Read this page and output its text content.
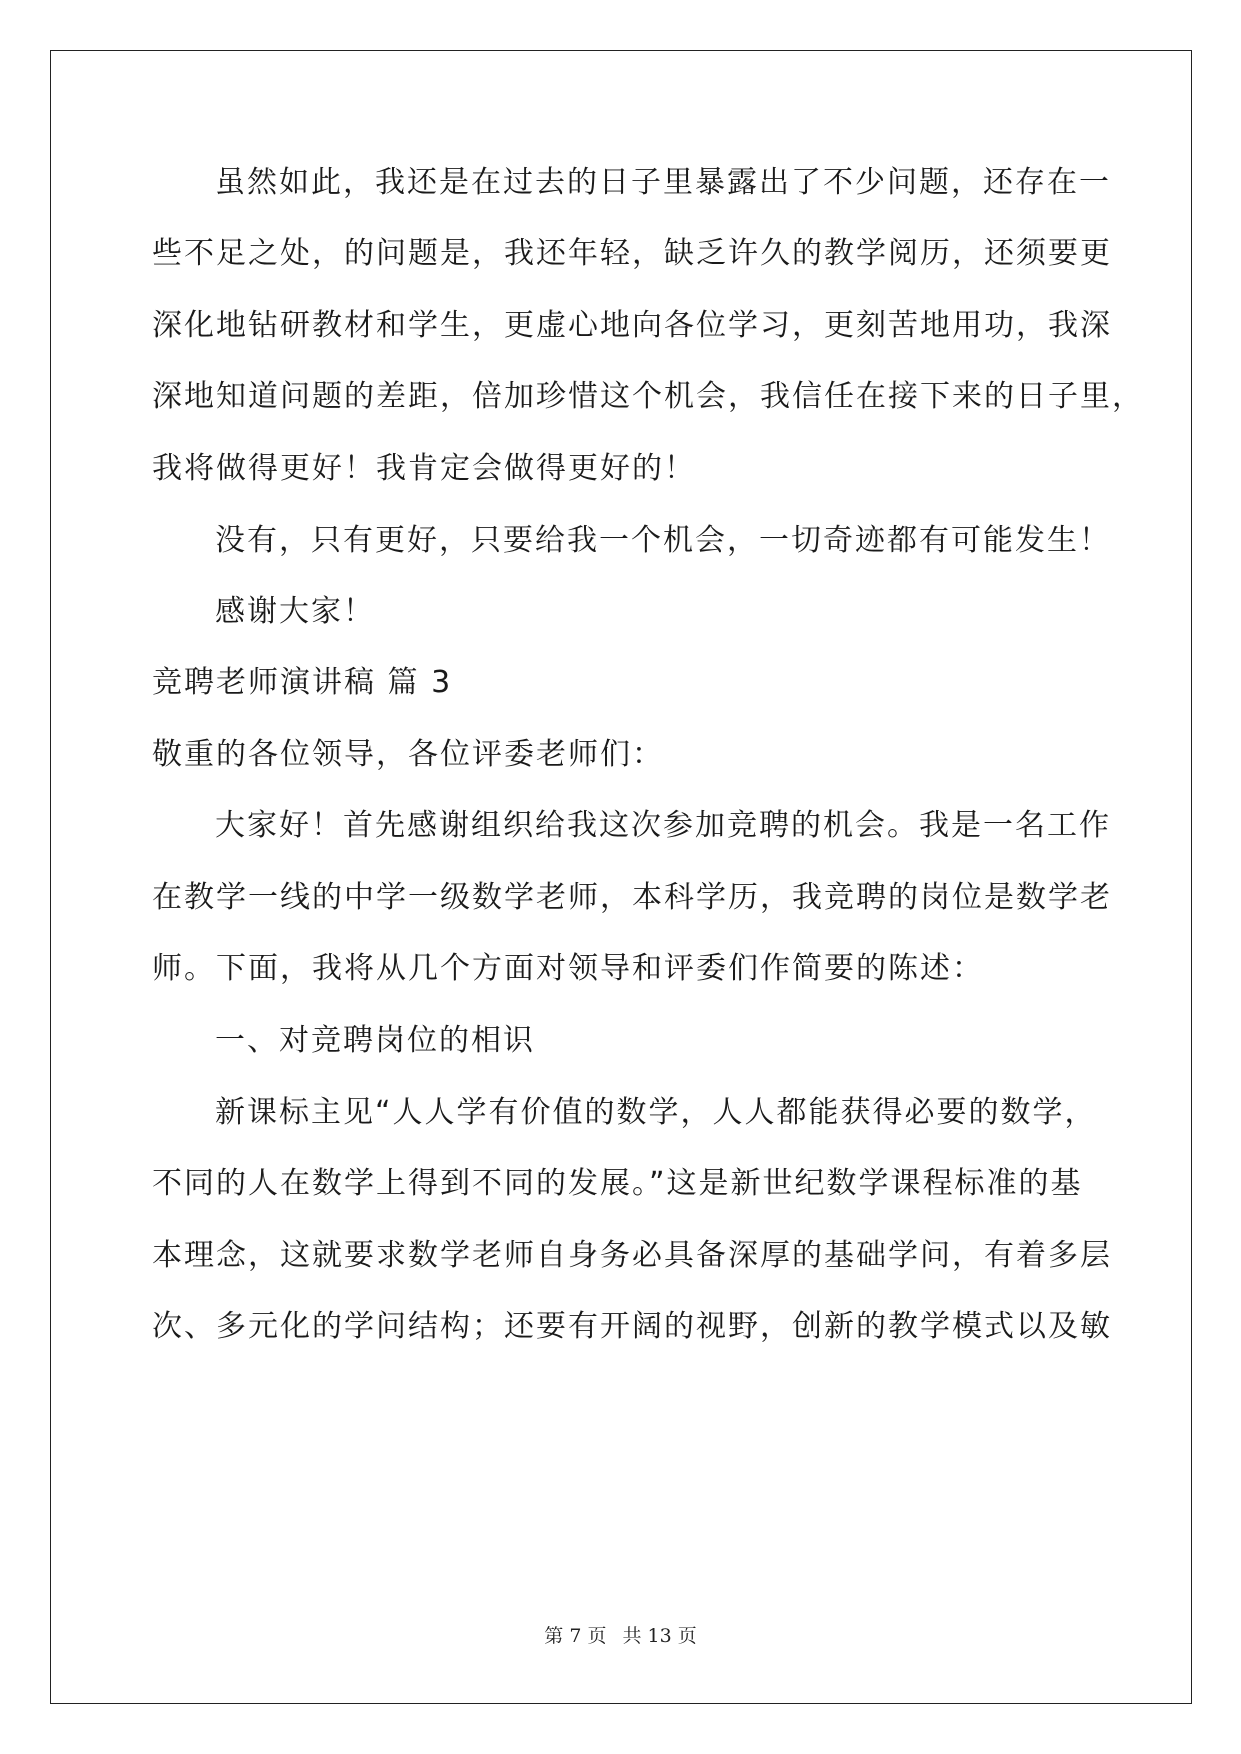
虽然如此，我还是在过去的日子里暴露出了不少问题，还存在一
些不足之处，的问题是，我还年轻，缺乏许久的教学阅历，还须要更
深化地钻研教材和学生，更虚心地向各位学习，更刻苦地用功，我深
深地知道问题的差距，倍加珍惜这个机会，我信任在接下来的日子里，
我将做得更好！我肯定会做得更好的！
没有，只有更好，只要给我一个机会，一切奇迹都有可能发生！
感谢大家！
竞聘老师演讲稿 篇 3
敬重的各位领导，各位评委老师们：
大家好！首先感谢组织给我这次参加竞聘的机会。我是一名工作
在教学一线的中学一级数学老师，本科学历，我竞聘的岗位是数学老
师。下面，我将从几个方面对领导和评委们作简要的陈述：
一、对竞聘岗位的相识
新课标主见“人人学有价值的数学，人人都能获得必要的数学，
不同的人在数学上得到不同的发展。”这是新世纪数学课程标准的基
本理念，这就要求数学老师自身务必具备深厚的基础学问，有着多层
次、多元化的学问结构；还要有开阔的视野，创新的教学模式以及敏
第 7 页 共 13 页
